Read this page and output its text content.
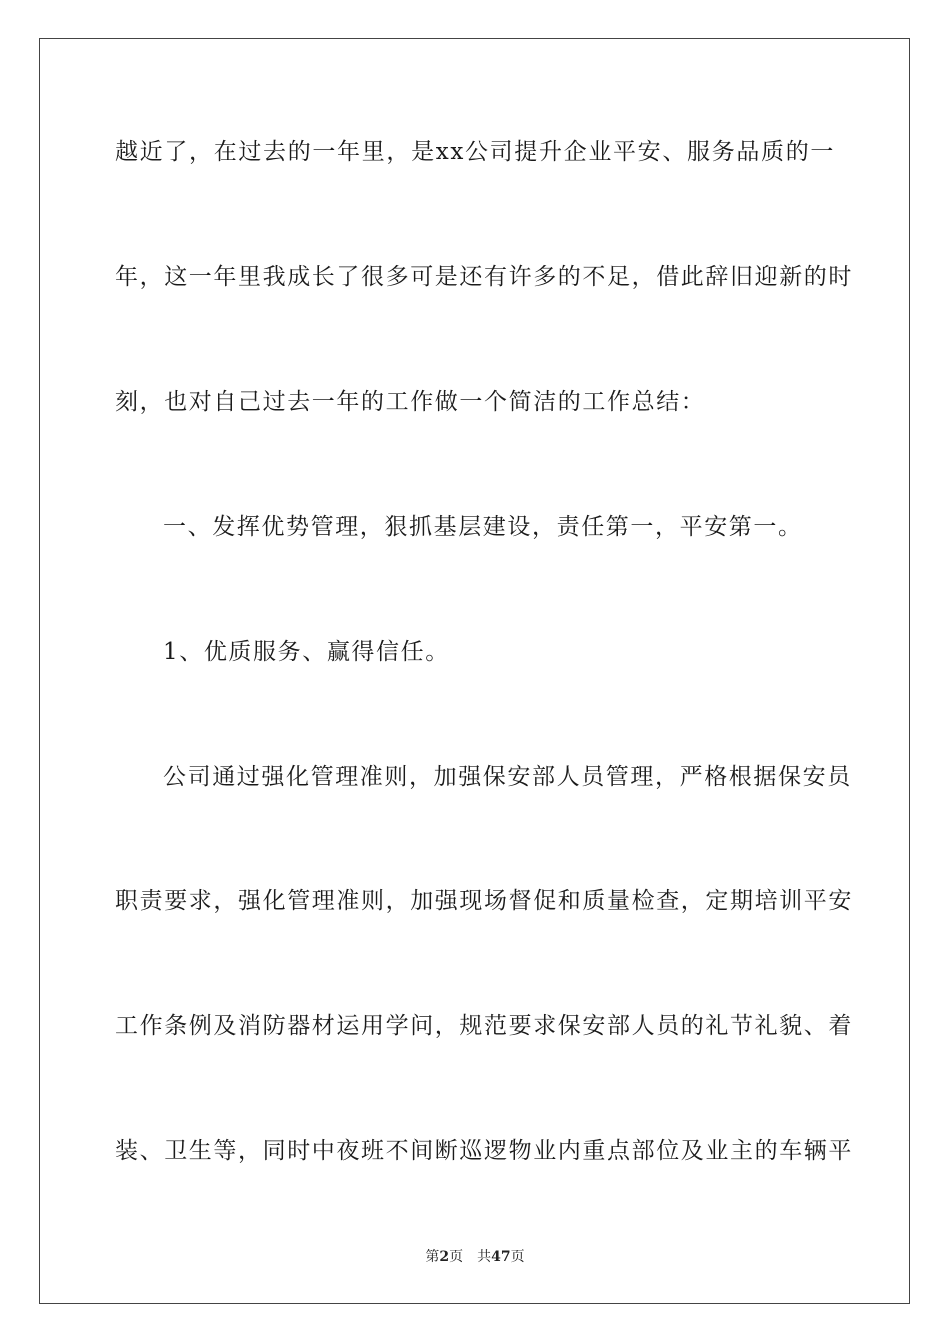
越近了，在过去的一年里，是xx公司提升企业平安、服务品质的一
年，这一年里我成长了很多可是还有许多的不足，借此辞旧迎新的时
刻，也对自己过去一年的工作做一个简洁的工作总结：
一、发挥优势管理，狠抓基层建设，责任第一，平安第一。
1、优质服务、赢得信任。
公司通过强化管理准则，加强保安部人员管理，严格根据保安员
职责要求，强化管理准则，加强现场督促和质量检查，定期培训平安
工作条例及消防器材运用学问，规范要求保安部人员的礼节礼貌、着
装、卫生等，同时中夜班不间断巡逻物业内重点部位及业主的车辆平
第2页 共47页
